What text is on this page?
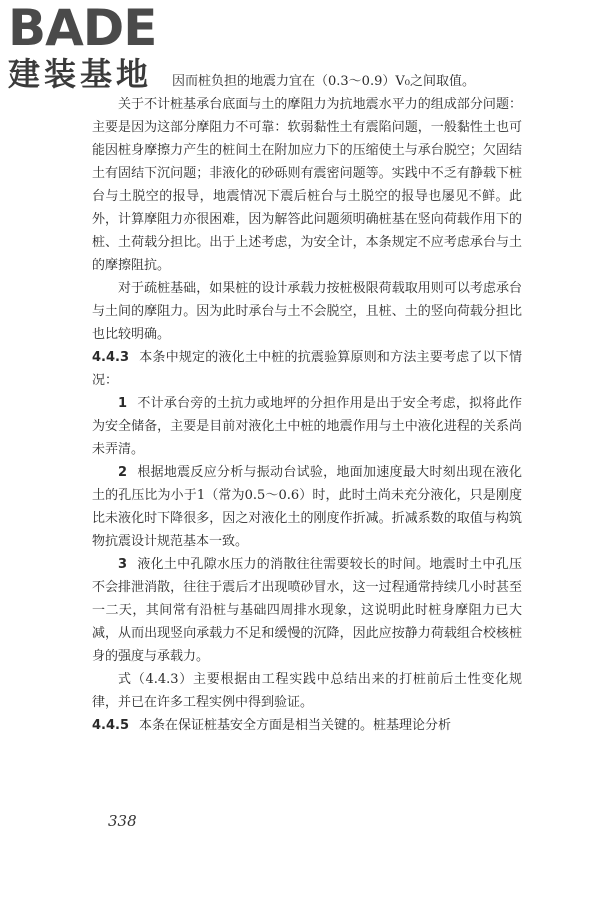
BADE
建装基地	因而桩负担的地震力宜在（0.3～0.9）V₀之间取值。

关于不计桩基承台底面与土的摩阻力为抗地震水平力的组成部分问题：主要是因为这部分摩阻力不可靠：软弱黏性土有震陷问题，一般黏性土也可能因桩身摩擦力产生的桩间土在附加应力下的压缩使土与承台脱空；欠固结土有固结下沉问题；非液化的砂砾则有震密问题等。实践中不乏有静载下桩台与土脱空的报导，地震情况下震后桩台与土脱空的报导也屡见不鲜。此外，计算摩阻力亦很困难，因为解答此问题须明确桩基在竖向荷载作用下的桩、土荷载分担比。出于上述考虑，为安全计，本条规定不应考虑承台与土的摩擦阻抗。

对于疏桩基础，如果桩的设计承载力按桩极限荷载取用则可以考虑承台与土间的摩阻力。因为此时承台与土不会脱空，且桩、土的竖向荷载分担比也比较明确。

4.4.3 本条中规定的液化土中桩的抗震验算原则和方法主要考虑了以下情况：

1 不计承台旁的土抗力或地坪的分担作用是出于安全考虑，拟将此作为安全储备，主要是目前对液化土中桩的地震作用与土中液化进程的关系尚未弄清。

2 根据地震反应分析与振动台试验，地面加速度最大时刻出现在液化土的孔压比为小于1（常为0.5～0.6）时，此时土尚未充分液化，只是刚度比未液化时下降很多，因之对液化土的刚度作折减。折减系数的取值与构筑物抗震设计规范基本一致。

3 液化土中孔隙水压力的消散往往需要较长的时间。地震时土中孔压不会排泄消散，往往于震后才出现喷砂冒水，这一过程通常持续几小时甚至一二天，其间常有沿桩与基础四周排水现象，这说明此时桩身摩阻力已大减，从而出现竖向承载力不足和缓慢的沉降，因此应按静力荷载组合校核桩身的强度与承载力。

式（4.4.3）主要根据由工程实践中总结出来的打桩前后土性变化规律，并已在许多工程实例中得到验证。

4.4.5 本条在保证桩基安全方面是相当关键的。桩基理论分析

338
